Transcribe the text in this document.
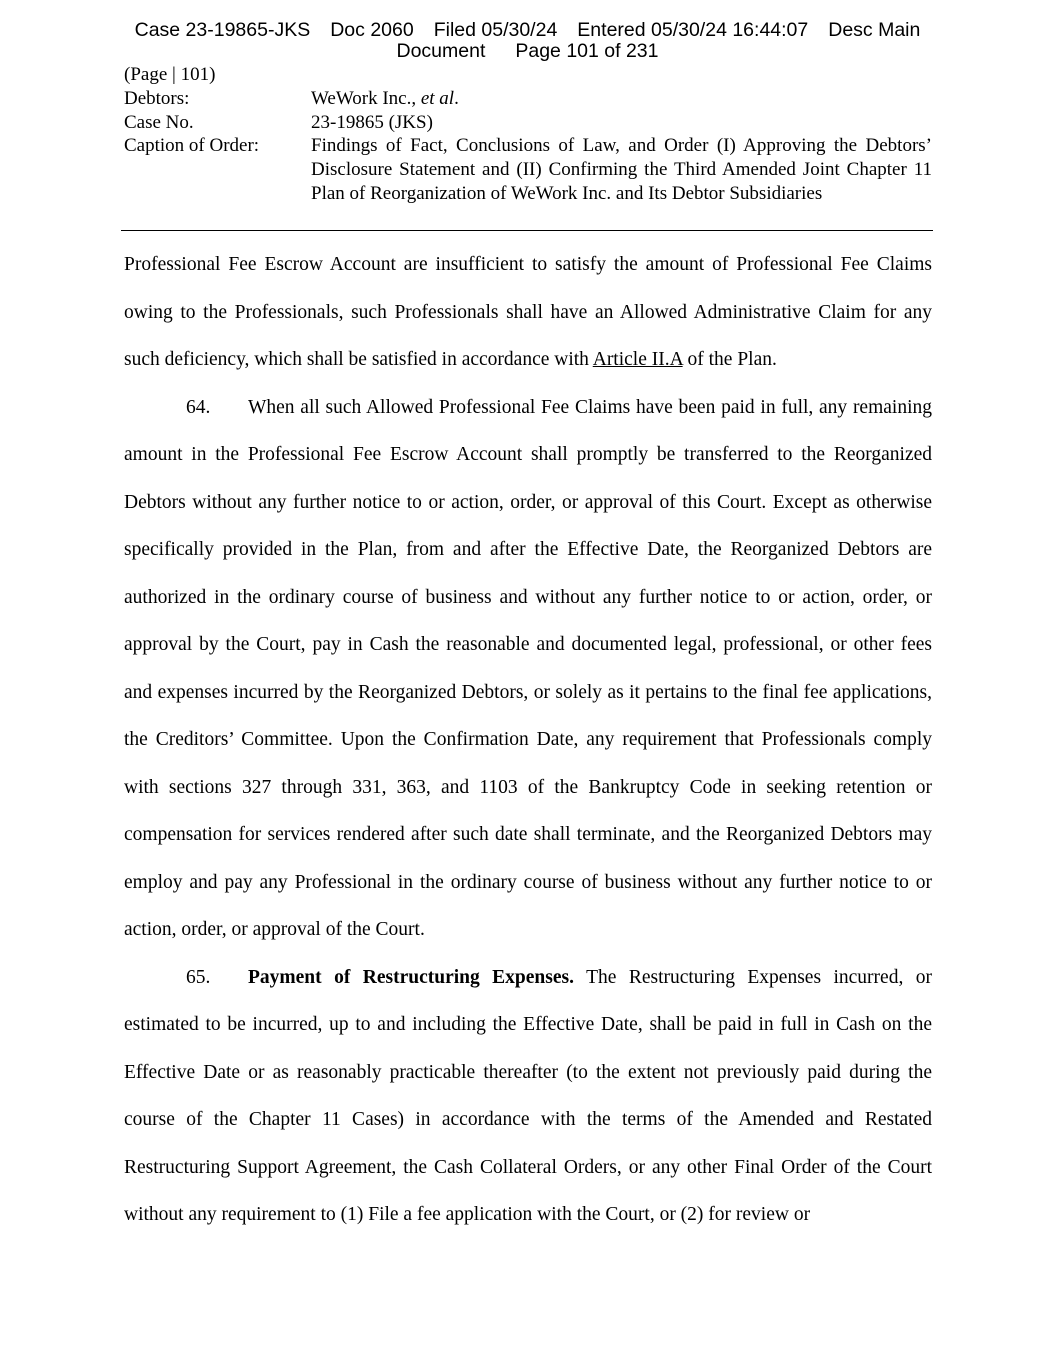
Case 23-19865-JKS Doc 2060 Filed 05/30/24 Entered 05/30/24 16:44:07 Desc Main
Document Page 101 of 231
(Page | 101)
Debtors:	WeWork Inc., et al.
Case No.	23-19865 (JKS)
Caption of Order:	Findings of Fact, Conclusions of Law, and Order (I) Approving the Debtors’ Disclosure Statement and (II) Confirming the Third Amended Joint Chapter 11 Plan of Reorganization of WeWork Inc. and Its Debtor Subsidiaries

Professional Fee Escrow Account are insufficient to satisfy the amount of Professional Fee Claims owing to the Professionals, such Professionals shall have an Allowed Administrative Claim for any such deficiency, which shall be satisfied in accordance with Article II.A of the Plan.

64. When all such Allowed Professional Fee Claims have been paid in full, any remaining amount in the Professional Fee Escrow Account shall promptly be transferred to the Reorganized Debtors without any further notice to or action, order, or approval of this Court. Except as otherwise specifically provided in the Plan, from and after the Effective Date, the Reorganized Debtors are authorized in the ordinary course of business and without any further notice to or action, order, or approval by the Court, pay in Cash the reasonable and documented legal, professional, or other fees and expenses incurred by the Reorganized Debtors, or solely as it pertains to the final fee applications, the Creditors’ Committee. Upon the Confirmation Date, any requirement that Professionals comply with sections 327 through 331, 363, and 1103 of the Bankruptcy Code in seeking retention or compensation for services rendered after such date shall terminate, and the Reorganized Debtors may employ and pay any Professional in the ordinary course of business without any further notice to or action, order, or approval of the Court.

65. Payment of Restructuring Expenses. The Restructuring Expenses incurred, or estimated to be incurred, up to and including the Effective Date, shall be paid in full in Cash on the Effective Date or as reasonably practicable thereafter (to the extent not previously paid during the course of the Chapter 11 Cases) in accordance with the terms of the Amended and Restated Restructuring Support Agreement, the Cash Collateral Orders, or any other Final Order of the Court without any requirement to (1) File a fee application with the Court, or (2) for review or
